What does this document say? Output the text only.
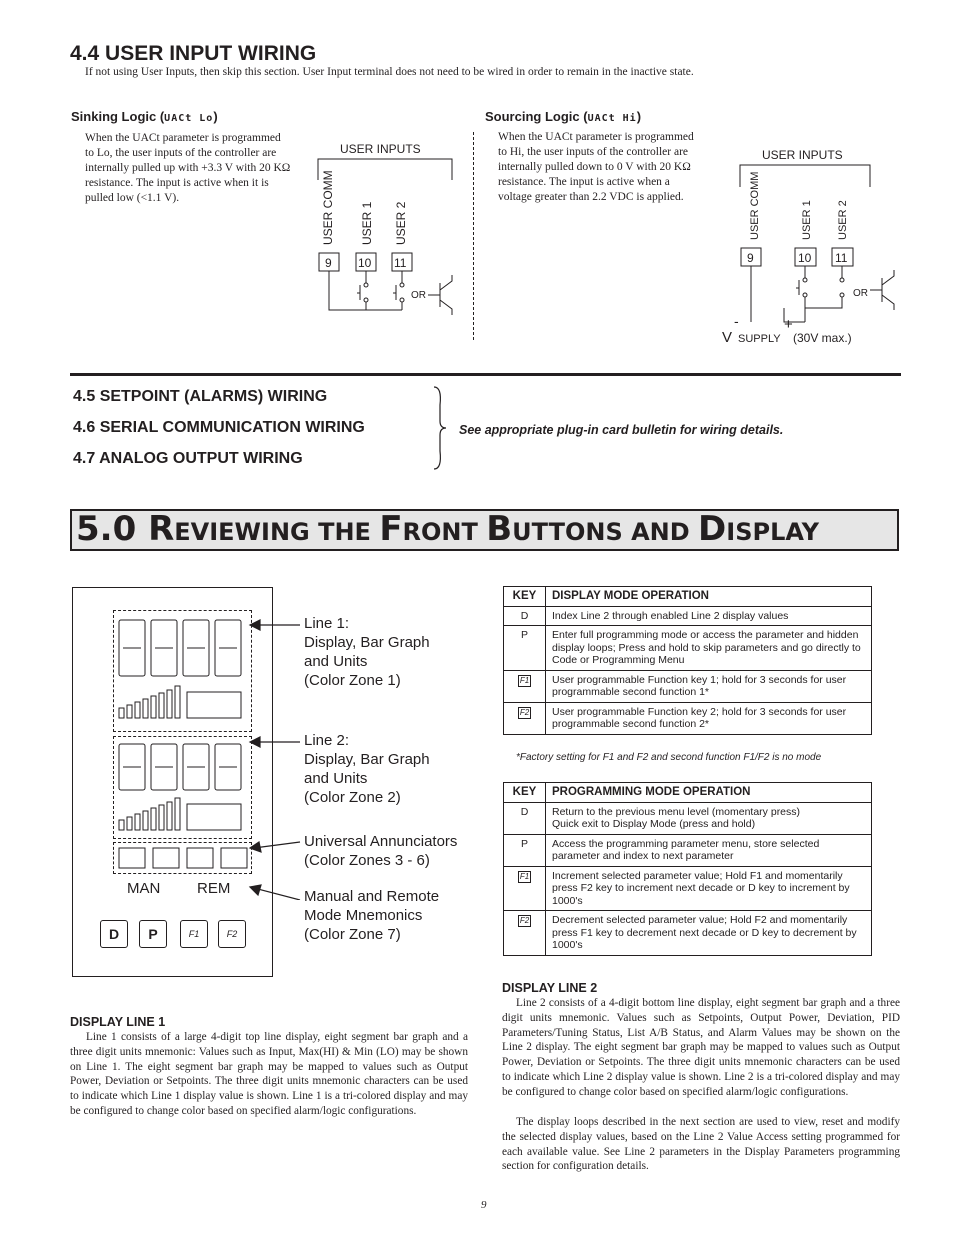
4.4 USER INPUT WIRING
If not using User Inputs, then skip this section. User Input terminal does not need to be wired in order to remain in the inactive state.
Sinking Logic (UACt Lo)
When the UACt parameter is programmed
to Lo, the user inputs of the controller are
internally pulled up with +3.3 V with 20 KΩ
resistance. The input is active when it is
pulled low (<1.1 V).
USER INPUTS
USER COMM USER 1 USER 2
9 10 11
OR
Sourcing Logic (UACt Hi)
When the UACt parameter is programmed
to Hi, the user inputs of the controller are
internally pulled down to 0 V with 20 KΩ
resistance. The input is active when a
voltage greater than 2.2 VDC is applied.
USER INPUTS
USER COMM	USER 1 USER 2
9	10 11
OR
-	+
V SUPPLY (30V max.)
4.5 SETPOINT (ALARMS) WIRING
4.6 SERIAL COMMUNICATION WIRING
4.7 ANALOG OUTPUT WIRING
See appropriate plug-in card bulletin for wiring details.
5.0 REVIEWING THE FRONT BUTTONS AND DISPLAY
MAN REM
D	P	F1	F2
Line 1:
Display, Bar Graph
and Units
(Color Zone 1)
Line 2:
Display, Bar Graph
and Units
(Color Zone 2)
Universal Annunciators
(Color Zones 3 - 6)
Manual and Remote
Mode Mnemonics
(Color Zone 7)
KEY	DISPLAY MODE OPERATION
D	Index Line 2 through enabled Line 2 display values
P	Enter full programming mode or access the parameter and hidden display loops; Press and hold to skip parameters and go directly to Code or Programming Menu
F1	User programmable Function key 1; hold for 3 seconds for user programmable second function 1*
F2	User programmable Function key 2; hold for 3 seconds for user programmable second function 2*
*Factory setting for F1 and F2 and second function F1/F2 is no mode
KEY	PROGRAMMING MODE OPERATION
D	Return to the previous menu level (momentary press)
Quick exit to Display Mode (press and hold)
P	Access the programming parameter menu, store selected parameter and index to next parameter
F1	Increment selected parameter value; Hold F1 and momentarily press F2 key to increment next decade or D key to increment by 1000's
F2	Decrement selected parameter value; Hold F2 and momentarily press F1 key to decrement next decade or D key to decrement by 1000's
DISPLAY LINE 1
Line 1 consists of a large 4-digit top line display, eight segment bar graph and a three digit units mnemonic: Values such as Input, Max(HI) & Min (LO) may be shown on Line 1. The eight segment bar graph may be mapped to values such as Output Power, Deviation or Setpoints. The three digit units mnemonic characters can be used to indicate which Line 1 display value is shown. Line 1 is a tri-colored display and may be configured to change color based on specified alarm/logic configurations.
DISPLAY LINE 2
Line 2 consists of a 4-digit bottom line display, eight segment bar graph and a three digit units mnemonic. Values such as Setpoints, Output Power, Deviation, PID Parameters/Tuning Status, List A/B Status, and Alarm Values may be shown on the Line 2 display. The eight segment bar graph may be mapped to values such as Output Power, Deviation or Setpoints. The three digit units mnemonic characters can be used to indicate which Line 2 display value is shown. Line 2 is a tri-colored display and may be configured to change color based on specified alarm/logic configurations.
The display loops described in the next section are used to view, reset and modify the selected display values, based on the Line 2 Value Access setting programmed for each available value. See Line 2 parameters in the Display Parameters programming section for configuration details.
9
